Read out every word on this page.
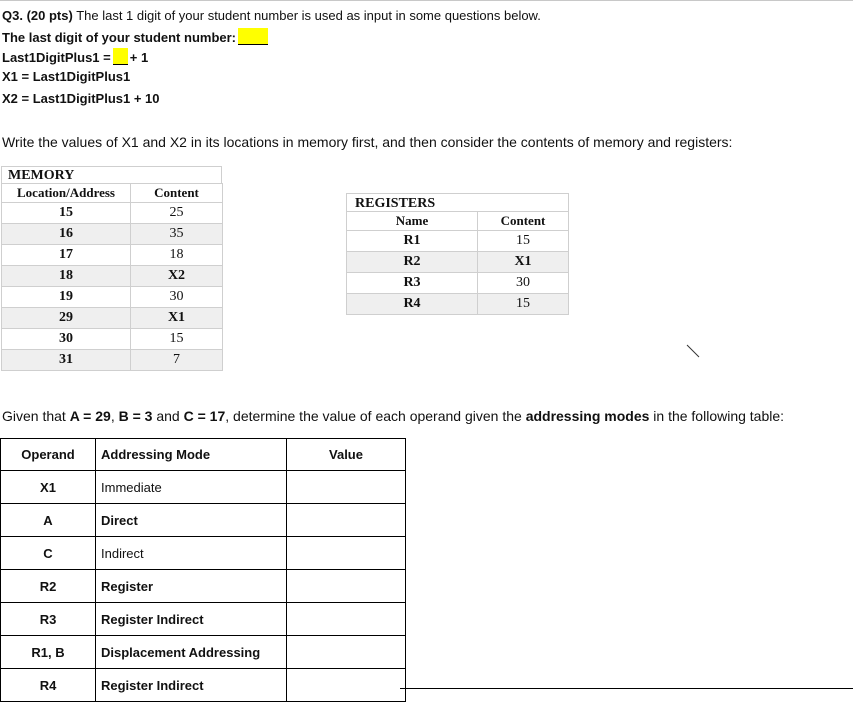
Q3. (20 pts) The last 1 digit of your student number is used as input in some questions below.
The last digit of your student number:
Last1DigitPlus1 = + 1
X1 = Last1DigitPlus1
X2 = Last1DigitPlus1 + 10
Write the values of X1 and X2 in its locations in memory first, and then consider the contents of memory and registers:
MEMORY
Location/Address	Content
15	25
16	35
17	18
18	X2
19	30
29	X1
30	15
31	7
REGISTERS
Name	Content
R1	15
R2	X1
R3	30
R4	15
Given that A = 29, B = 3 and C = 17, determine the value of each operand given the addressing modes in the following table:
Operand	Addressing Mode	Value
X1	Immediate	
A	Direct	
C	Indirect	
R2	Register	
R3	Register Indirect	
R1, B	Displacement Addressing	
R4	Register Indirect	
